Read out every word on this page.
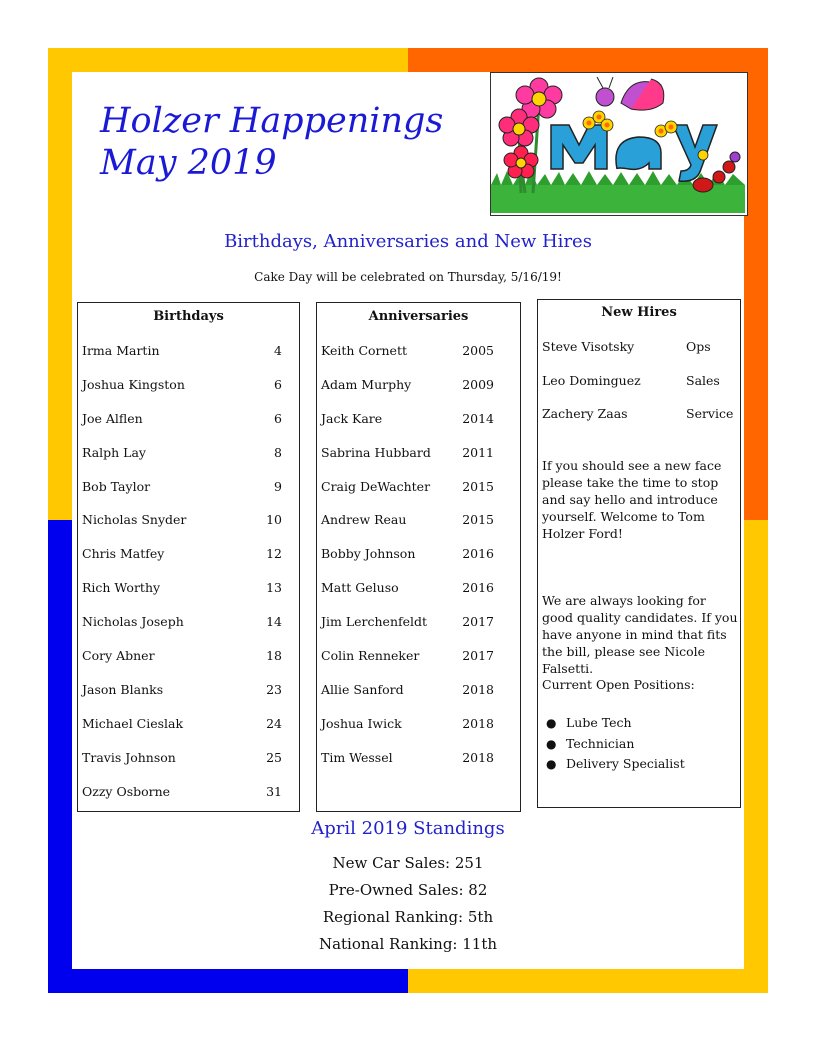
Holzer Happenings
May 2019
Birthdays, Anniversaries and New Hires
Cake Day will be celebrated on Thursday, 5/16/19!
Birthdays
Irma Martin	4
Joshua Kingston	6
Joe Alflen	6
Ralph Lay	8
Bob Taylor	9
Nicholas Snyder	10
Chris Matfey	12
Rich Worthy	13
Nicholas Joseph	14
Cory Abner	18
Jason Blanks	23
Michael Cieslak	24
Travis Johnson	25
Ozzy Osborne	31
Anniversaries
Keith Cornett	2005
Adam Murphy	2009
Jack Kare	2014
Sabrina Hubbard	2011
Craig DeWachter	2015
Andrew Reau	2015
Bobby Johnson	2016
Matt Geluso	2016
Jim Lerchenfeldt	2017
Colin Renneker	2017
Allie Sanford	2018
Joshua Iwick	2018
Tim Wessel	2018
New Hires
Steve Visotsky	Ops
Leo Dominguez	Sales
Zachery Zaas	Service

If you should see a new face please take the time to stop and say hello and introduce yourself. Welcome to Tom Holzer Ford!

We are always looking for good quality candidates. If you have anyone in mind that fits the bill, please see Nicole Falsetti.

Current Open Positions:

● Lube Tech
● Technician
● Delivery Specialist
April 2019 Standings
New Car Sales: 251
Pre-Owned Sales: 82
Regional Ranking: 5th
National Ranking: 11th
